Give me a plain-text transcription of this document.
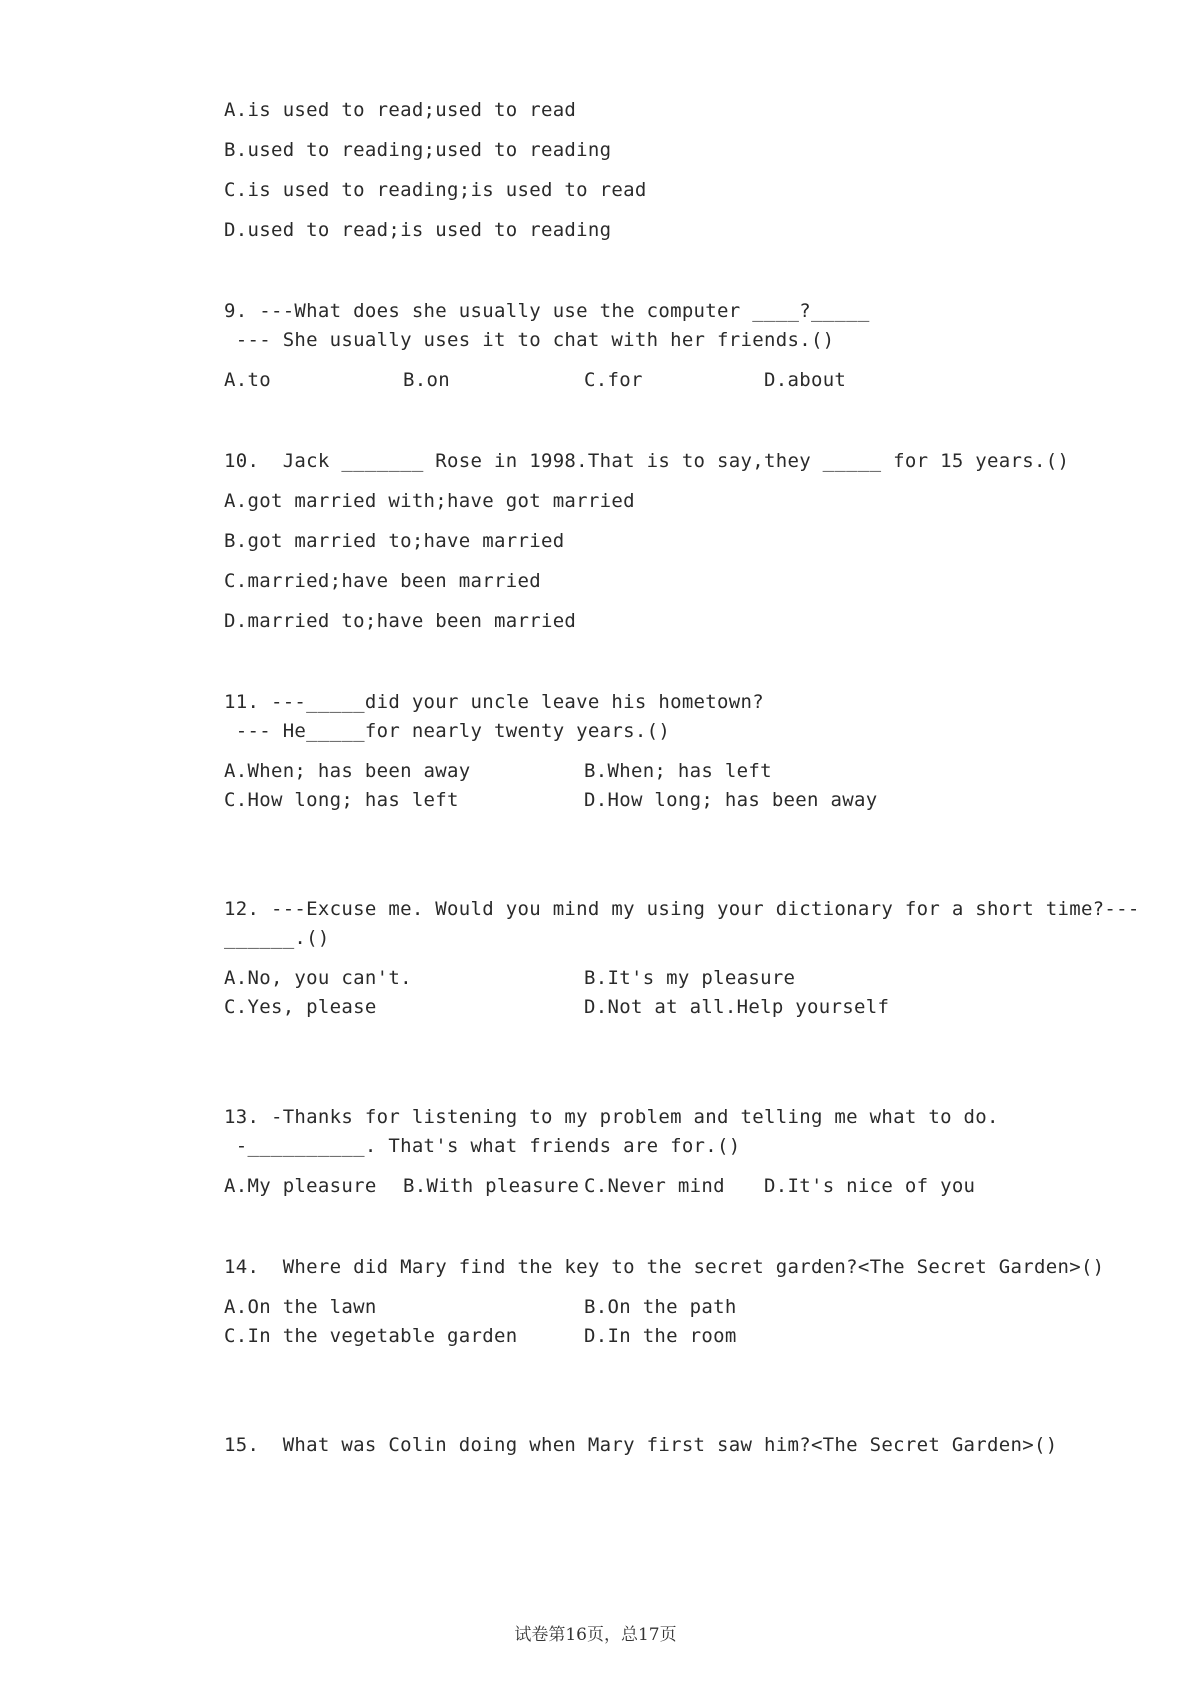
A.is used to read;used to read
B.used to reading;used to reading
C.is used to reading;is used to read
D.used to read;is used to reading
9. ---What does she usually use the computer ____?_____
--- She usually uses it to chat with her friends.()
A.to	B.on	C.for	D.about
10.  Jack _______ Rose in 1998.That is to say,they _____ for 15 years.()
A.got married with;have got married
B.got married to;have married
C.married;have been married
D.married to;have been married
11. ---_____did your uncle leave his hometown?
--- He_____for nearly twenty years.()
A.When; has been away	B.When; has left
C.How long; has left	D.How long; has been away
12. ---Excuse me. Would you mind my using your dictionary for a short time?---
______.()
A.No, you can't.	B.It's my pleasure
C.Yes, please	D.Not at all.Help yourself
13. -Thanks for listening to my problem and telling me what to do.
-__________. That's what friends are for.()
A.My pleasure B.With pleasure C.Never mind D.It's nice of you
14.  Where did Mary find the key to the secret garden?<The Secret Garden>()
A.On the lawn	B.On the path
C.In the vegetable garden	D.In the room
15.  What was Colin doing when Mary first saw him?<The Secret Garden>()
试卷第16页，总17页
